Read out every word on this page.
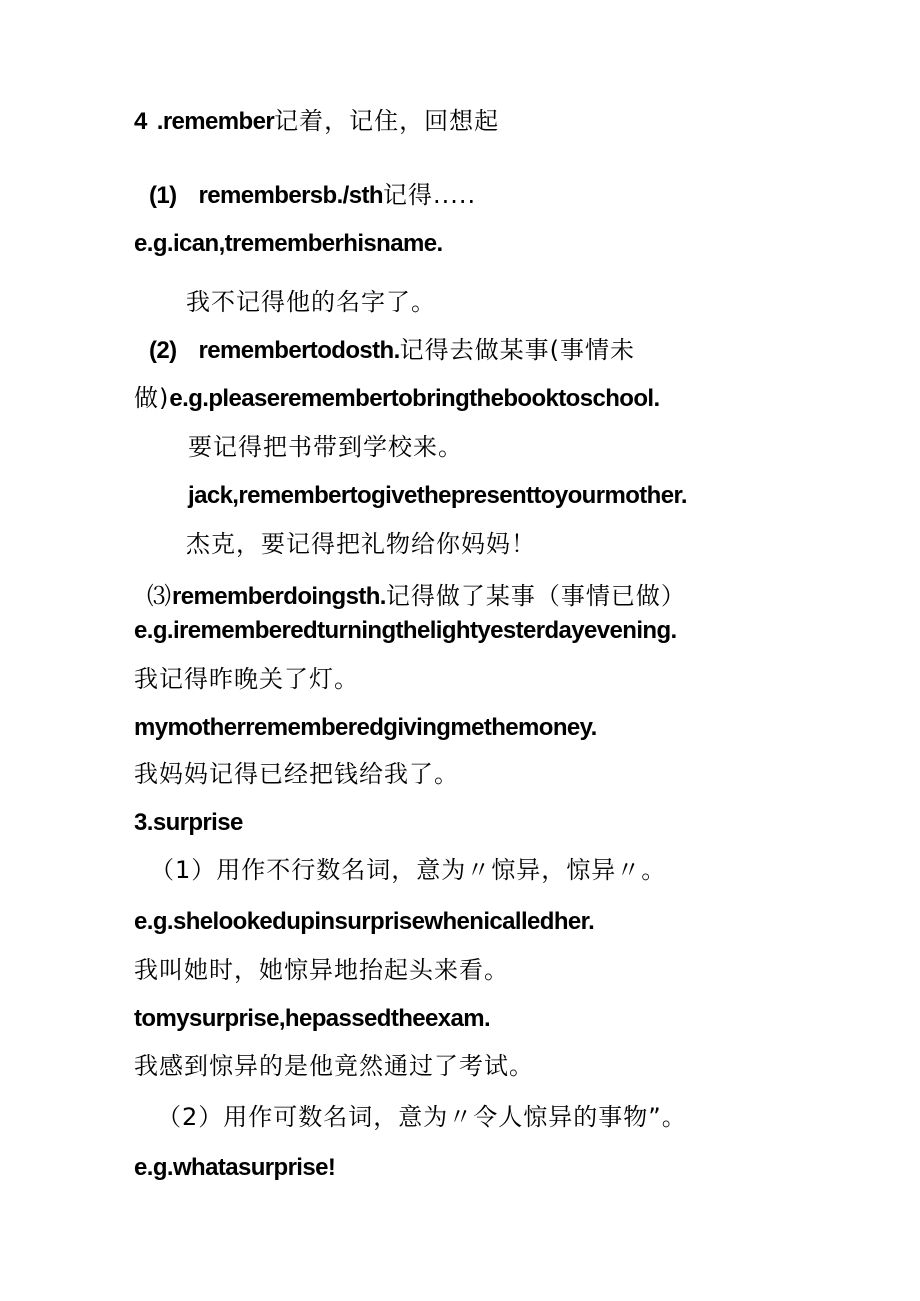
4 .remember记着，记住，回想起
(1) remembersb./sth记得.....
e.g.ican,tremember​hisname.
我不记得他的名字了。
(2) remembertodosth.记得去做某事(事情未
做)e.g.pleaseremembertobringthebooktoschool.
要记得把书带到学校来。
jack,remembertogivethepresenttoyourmother.
杰克，要记得把礼物给你妈妈！
⑶rememberdoingsth.记得做了某事（事情已做）
e.g.irememberedturningthelightyesterdayevening.
我记得昨晚关了灯。
mymotherrememberedgivingmethemoney.
我妈妈记得已经把钱给我了。
3.surprise
（1）用作不行数名词，意为〃惊异，惊异〃。
e.g.shelookedupinsurprisewhenicalledher.
我叫她时，她惊异地抬起头来看。
tomysurprise,hepassedtheexam.
我感到惊异的是他竟然通过了考试。
（2）用作可数名词，意为〃令人惊异的事物”。
e.g.whatasurprise!
